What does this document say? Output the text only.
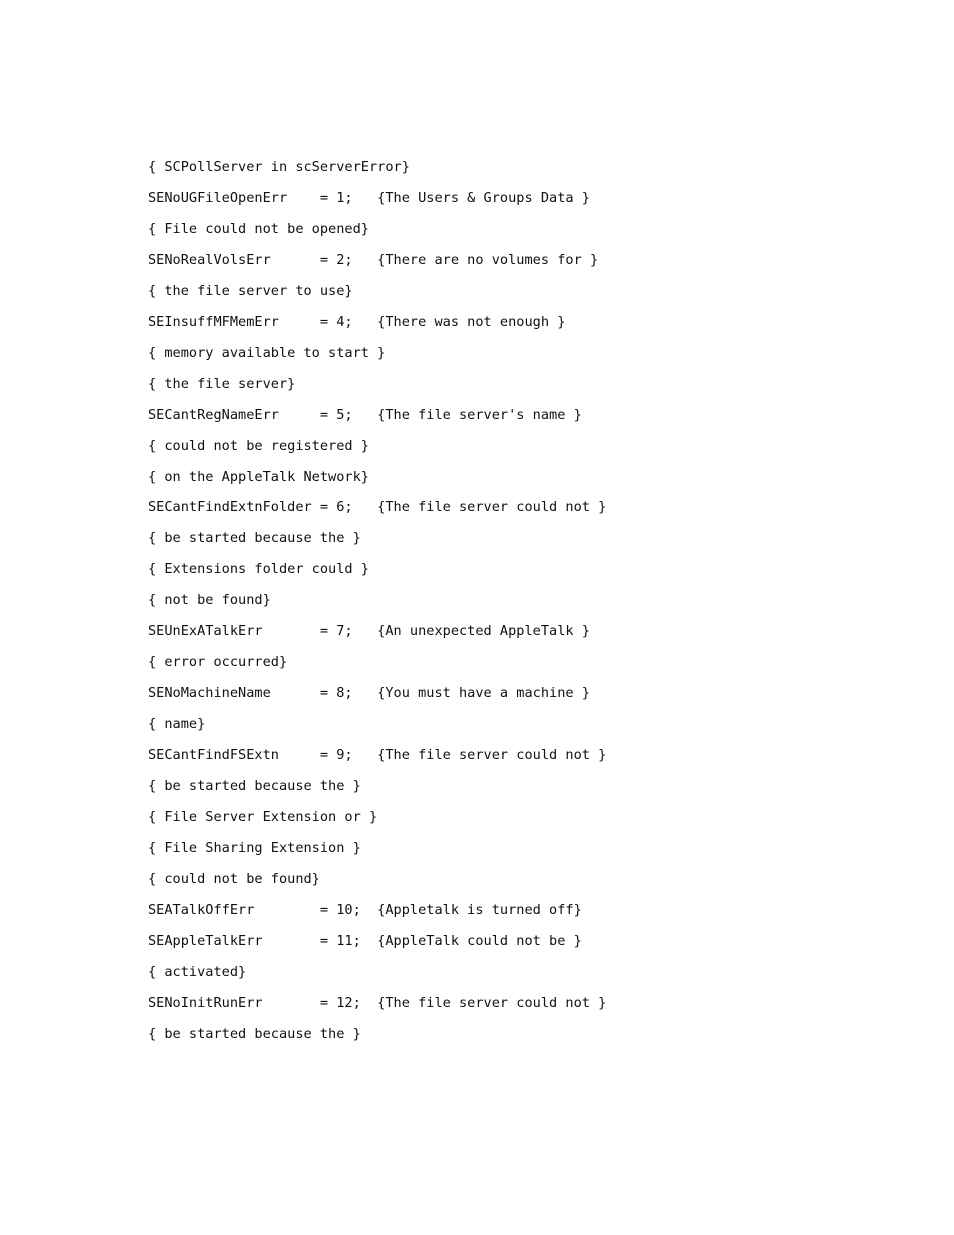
{ SCPollServer in scServerError}
SENoUGFileOpenErr    = 1;   {The Users & Groups Data }
{ File could not be opened}
SENoRealVolsErr      = 2;   {There are no volumes for }
{ the file server to use}
SEInsuffMFMemErr     = 4;   {There was not enough }
{ memory available to start }
{ the file server}
SECantRegNameErr     = 5;   {The file server's name }
{ could not be registered }
{ on the AppleTalk Network}
SECantFindExtnFolder = 6;   {The file server could not }
{ be started because the }
{ Extensions folder could }
{ not be found}
SEUnExATalkErr       = 7;   {An unexpected AppleTalk }
{ error occurred}
SENoMachineName      = 8;   {You must have a machine }
{ name}
SECantFindFSExtn     = 9;   {The file server could not }
{ be started because the }
{ File Server Extension or }
{ File Sharing Extension }
{ could not be found}
SEATalkOffErr        = 10;  {Appletalk is turned off}
SEAppleTalkErr       = 11;  {AppleTalk could not be }
{ activated}
SENoInitRunErr       = 12;  {The file server could not }
{ be started because the }
